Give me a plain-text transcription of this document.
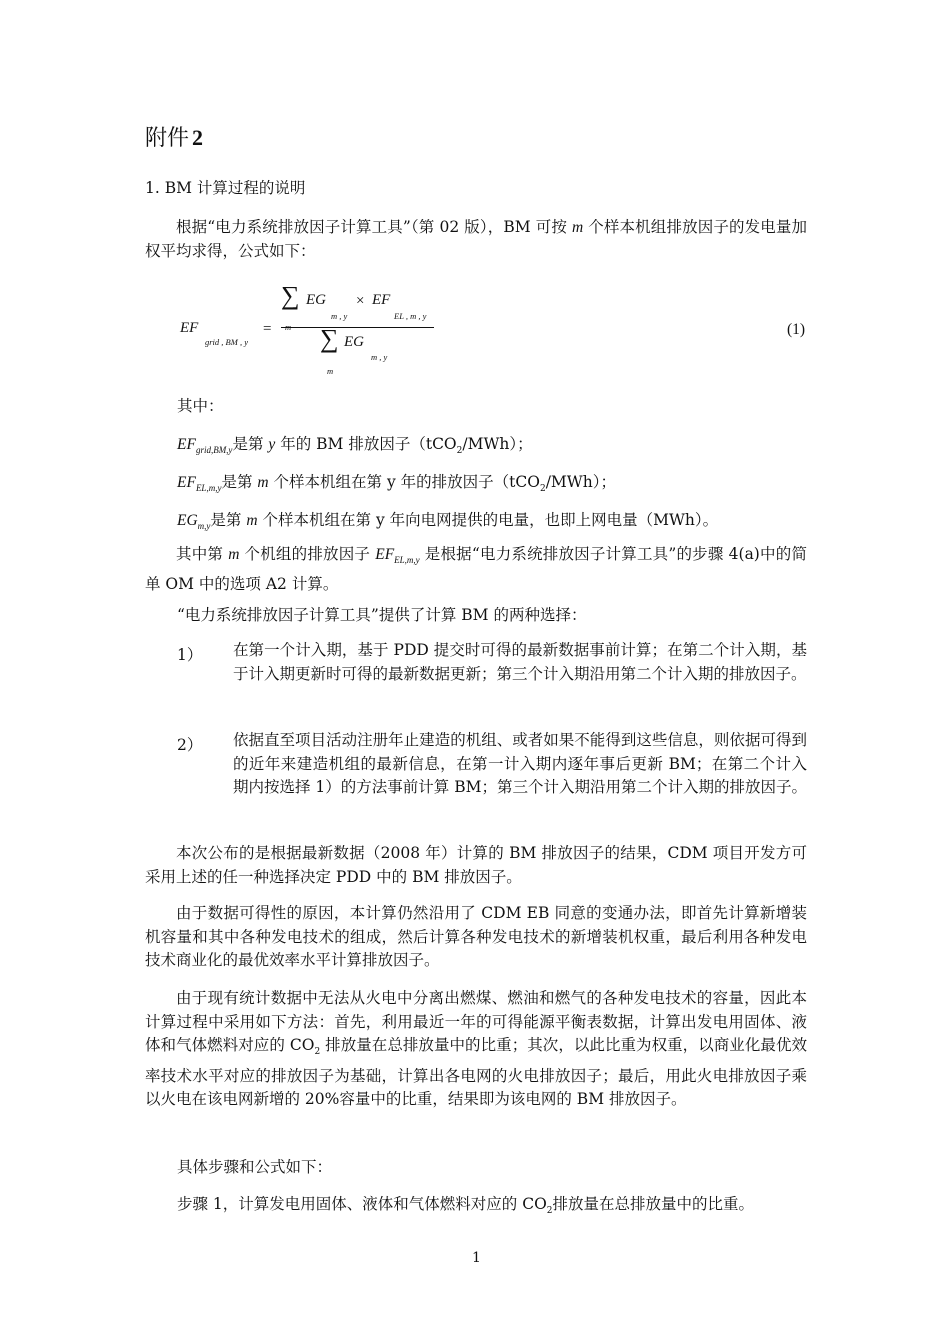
附件 2
1. BM 计算过程的说明
根据“电力系统排放因子计算工具”（第 02 版），BM 可按 m 个样本机组排放因子的发电量加权平均求得，公式如下：
∑ EG
m , y
× EF
EL , m , y
m ∑ EG
m , y
m
EF
grid , BM , y
=	(1)
其中：
$EF_{grid,BM,y}$是第 y 年的 BM 排放因子（tCO$_2$/MWh）；
$EF_{EL,m,y}$是第 m 个样本机组在第 y 年的排放因子（tCO$_2$/MWh）；
$EG_{m,y}$是第 m 个样本机组在第 y 年向电网提供的电量，也即上网电量（MWh）。
其中第 m 个机组的排放因子 $EF_{EL,m,y}$ 是根据“电力系统排放因子计算工具”的步骤 4(a)中的简单 OM 中的选项 A2 计算。
“电力系统排放因子计算工具”提供了计算 BM 的两种选择：
1） 在第一个计入期，基于 PDD 提交时可得的最新数据事前计算；在第二个计入期，基于计入期更新时可得的最新数据更新；第三个计入期沿用第二个计入期的排放因子。
2） 依据直至项目活动注册年止建造的机组、或者如果不能得到这些信息，则依据可得到的近年来建造机组的最新信息，在第一计入期内逐年事后更新 BM；在第二个计入期内按选择 1）的方法事前计算 BM；第三个计入期沿用第二个计入期的排放因子。
本次公布的是根据最新数据（2008 年）计算的 BM 排放因子的结果，CDM 项目开发方可采用上述的任一种选择决定 PDD 中的 BM 排放因子。
由于数据可得性的原因，本计算仍然沿用了 CDM EB 同意的变通办法，即首先计算新增装机容量和其中各种发电技术的组成，然后计算各种发电技术的新增装机权重，最后利用各种发电技术商业化的最优效率水平计算排放因子。
由于现有统计数据中无法从火电中分离出燃煤、燃油和燃气的各种发电技术的容量，因此本计算过程中采用如下方法：首先，利用最近一年的可得能源平衡表数据，计算出发电用固体、液体和气体燃料对应的 $CO_2$ 排放量在总排放量中的比重；其次，以此比重为权重，以商业化最优效率技术水平对应的排放因子为基础，计算出各电网的火电排放因子；最后，用此火电排放因子乘以火电在该电网新增的 20%容量中的比重，结果即为该电网的 BM 排放因子。
具体步骤和公式如下：
步骤 1，计算发电用固体、液体和气体燃料对应的 $CO_2$排放量在总排放量中的比重。
1
